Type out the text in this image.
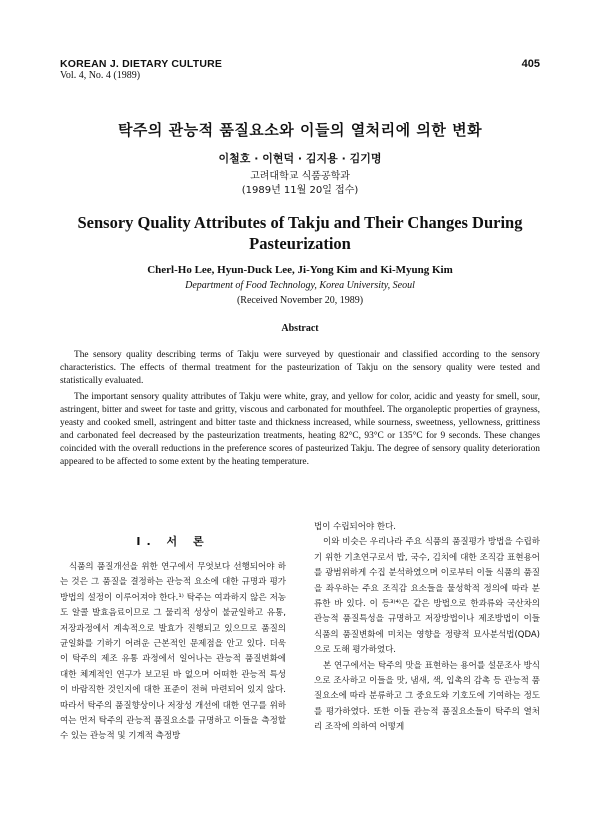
KOREAN J. DIETARY CULTURE
Vol. 4, No. 4 (1989)
405
탁주의 관능적 품질요소와 이들의 열처리에 의한 변화
이철호 · 이현덕 · 김지용 · 김기명
고려대학교 식품공학과
(1989년 11월 20일 접수)
Sensory Quality Attributes of Takju and Their Changes During Pasteurization
Cherl-Ho Lee, Hyun-Duck Lee, Ji-Yong Kim and Ki-Myung Kim
Department of Food Technology, Korea University, Seoul
(Received November 20, 1989)
Abstract

The sensory quality describing terms of Takju were surveyed by questionair and classified according to the sensory characteristics. The effects of thermal treatment for the pasteurization of Takju on the sensory quality were tested and statistically evaluated.

The important sensory quality attributes of Takju were white, gray, and yellow for color, acidic and yeasty for smell, sour, astringent, bitter and sweet for taste and gritty, viscous and carbonated for mouthfeel. The organoleptic properties of grayness, yeasty and cooked smell, astringent and bitter taste and thickness increased, while sourness, sweetness, yellowness, grittiness and carbonated feel decreased by the pasteurization treatments, heating 82°C, 93°C or 135°C for 9 seconds. These changes coincided with the overall reductions in the preference scores of pasteurized Takju. The degree of sensory quality deterioration appeared to be affected to some extent by the heating temperature.

I. 서 론

식품의 품질개선을 위한 연구에서 무엇보다 선행되어야 하는 것은 그 품질을 결정하는 관능적 요소에 대한 규명과 평가방법의 설정이 이루어져야 한다.¹⁾ 탁주는 여과하지 않은 저농도 알콜 발효음료이므로 그 물리적 성상이 불균일하고 유통, 저장과정에서 계속적으로 발효가 진행되고 있으므로 품질의 균일화를 기하기 어려운 근본적인 문제점을 안고 있다. 더욱이 탁주의 제조 유통 과정에서 일어나는 관능적 품질변화에 대한 체계적인 연구가 보고된 바 없으며 어떠한 관능적 특성이 바람직한 것인지에 대한 표준이 전혀 마련되어 있지 않다. 따라서 탁주의 품질향상이나 저장성 개선에 대한 연구를 위하여는 먼저 탁주의 관능적 품질요소를 규명하고 이들을 측정할 수 있는 관능적 및 기계적 측정방

법이 수립되어야 한다.

이와 비슷은 우리나라 주요 식품의 품질평가 방법을 수립하기 위한 기초연구로서 밥, 국수, 김치에 대한 조직감 표현용어를 광범위하게 수집 분석하였으며 이로부터 이들 식품의 품질을 좌우하는 주요 조직감 요소들을 물성학적 정의에 따라 분류한 바 있다. 이 등³⁾⁴⁾은 같은 방법으로 한과류와 국산차의 관능적 품질특성을 규명하고 저장방법이나 제조방법이 이들 식품의 품질변화에 미치는 영향을 정량적 묘사분석법(QDA)으로 도해 평가하였다.

본 연구에서는 탁주의 맛을 표현하는 용어를 설문조사 방식으로 조사하고 이들을 맛, 냄새, 색, 입촉의 감촉 등 관능적 품질요소에 따라 분류하고 그 중요도와 기호도에 기여하는 정도를 평가하였다. 또한 이들 관능적 품질요소들이 탁주의 열처리 조작에 의하여 어떻게
